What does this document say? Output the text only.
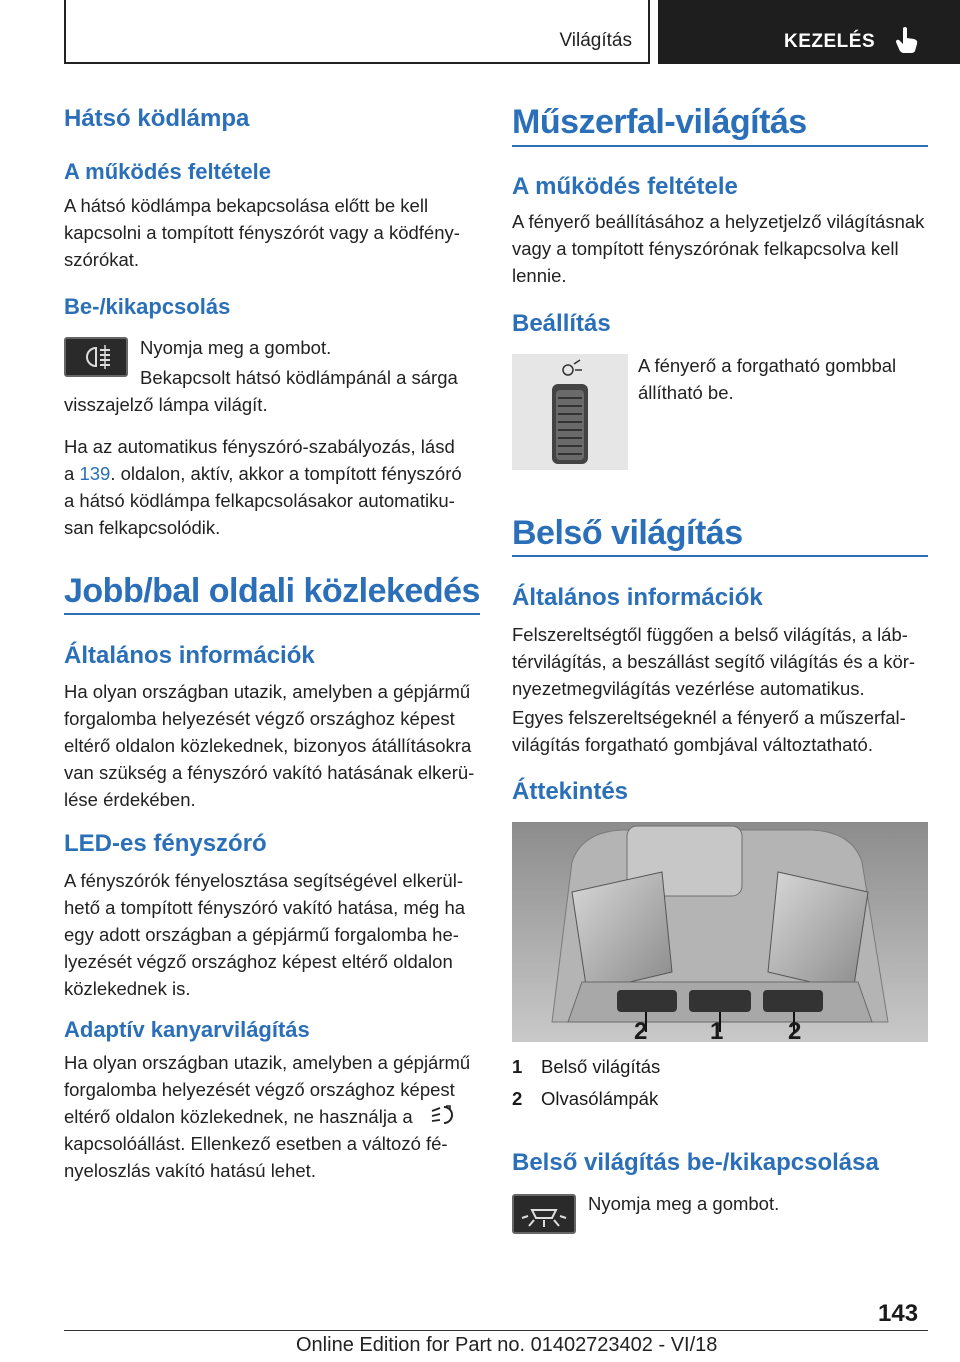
Világítás	KEZELÉS
Hátsó ködlámpa
A működés feltétele
A hátsó ködlámpa bekapcsolása előtt be kell
kapcsolni a tompított fényszórót vagy a ködfény-
szórókat.
Be-/kikapcsolás
Nyomja meg a gombot.
Bekapcsolt hátsó ködlámpánál a sárga
visszajelző lámpa világít.
Ha az automatikus fényszóró-szabályozás, lásd
a 139. oldalon, aktív, akkor a tompított fényszóró
a hátsó ködlámpa felkapcsolásakor automatiku-
san felkapcsolódik.
Jobb/bal oldali közlekedés
Általános információk
Ha olyan országban utazik, amelyben a gépjármű
forgalomba helyezését végző országhoz képest
eltérő oldalon közlekednek, bizonyos átállításokra
van szükség a fényszóró vakító hatásának elkerü-
lése érdekében.
LED-es fényszóró
A fényszórók fényelosztása segítségével elkerül-
hető a tompított fényszóró vakító hatása, még ha
egy adott országban a gépjármű forgalomba he-
lyezését végző országhoz képest eltérő oldalon
közlekednek is.
Adaptív kanyarvilágítás
Ha olyan országban utazik, amelyben a gépjármű
forgalomba helyezését végző országhoz képest
eltérő oldalon közlekednek, ne használja a
kapcsolóállást. Ellenkező esetben a változó fé-
nyeloszlás vakító hatású lehet.
Műszerfal-világítás
A működés feltétele
A fényerő beállításához a helyzetjelző világításnak
vagy a tompított fényszórónak felkapcsolva kell
lennie.
Beállítás
A fényerő a forgatható gombbal
állítható be.
Belső világítás
Általános információk
Felszereltségtől függően a belső világítás, a láb-
térvilágítás, a beszállást segítő világítás és a kör-
nyezetmegvilágítás vezérlése automatikus.
Egyes felszereltségeknél a fényerő a műszerfal-
világítás forgatható gombjával változtatható.
Áttekintés
2	1	2
1 Belső világítás
2 Olvasólámpák
Belső világítás be-/kikapcsolása
Nyomja meg a gombot.
143
Online Edition for Part no. 01402723402 - VI/18
